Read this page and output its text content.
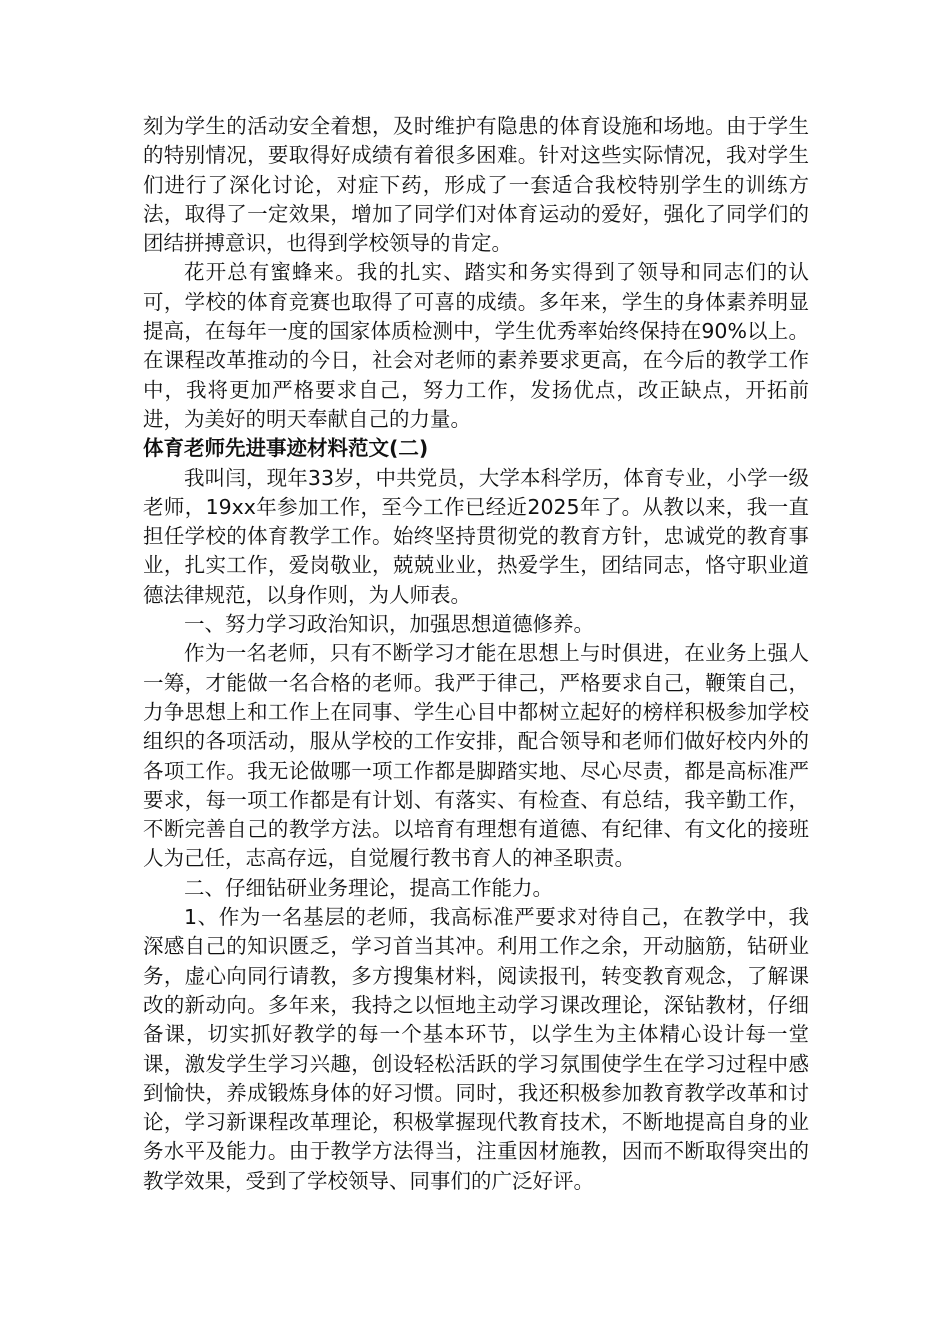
刻为学生的活动安全着想，及时维护有隐患的体育设施和场地。由于学生的特别情况，要取得好成绩有着很多困难。针对这些实际情况，我对学生们进行了深化讨论，对症下药，形成了一套适合我校特别学生的训练方法，取得了一定效果，增加了同学们对体育运动的爱好，强化了同学们的团结拼搏意识，也得到学校领导的肯定。

花开总有蜜蜂来。我的扎实、踏实和务实得到了领导和同志们的认可，学校的体育竞赛也取得了可喜的成绩。多年来，学生的身体素养明显提高，在每年一度的国家体质检测中，学生优秀率始终保持在90%以上。在课程改革推动的今日，社会对老师的素养要求更高，在今后的教学工作中，我将更加严格要求自己，努力工作，发扬优点，改正缺点，开拓前进，为美好的明天奉献自己的力量。

体育老师先进事迹材料范文(二)

我叫闫，现年33岁，中共党员，大学本科学历，体育专业，小学一级老师，19xx年参加工作，至今工作已经近2025年了。从教以来，我一直担任学校的体育教学工作。始终坚持贯彻党的教育方针，忠诚党的教育事业，扎实工作，爱岗敬业，兢兢业业，热爱学生，团结同志，恪守职业道德法律规范，以身作则，为人师表。

一、努力学习政治知识，加强思想道德修养。

作为一名老师，只有不断学习才能在思想上与时俱进，在业务上强人一筹，才能做一名合格的老师。我严于律己，严格要求自己，鞭策自己，力争思想上和工作上在同事、学生心目中都树立起好的榜样积极参加学校组织的各项活动，服从学校的工作安排，配合领导和老师们做好校内外的各项工作。我无论做哪一项工作都是脚踏实地、尽心尽责，都是高标准严要求，每一项工作都是有计划、有落实、有检查、有总结，我辛勤工作，不断完善自己的教学方法。以培育有理想有道德、有纪律、有文化的接班人为己任，志高存远，自觉履行教书育人的神圣职责。

二、仔细钻研业务理论，提高工作能力。

1、作为一名基层的老师，我高标准严要求对待自己，在教学中，我深感自己的知识匮乏，学习首当其冲。利用工作之余，开动脑筋，钻研业务，虚心向同行请教，多方搜集材料，阅读报刊，转变教育观念，了解课改的新动向。多年来，我持之以恒地主动学习课改理论，深钻教材，仔细备课，切实抓好教学的每一个基本环节，以学生为主体精心设计每一堂课，激发学生学习兴趣，创设轻松活跃的学习氛围使学生在学习过程中感到愉快，养成锻炼身体的好习惯。同时，我还积极参加教育教学改革和讨论，学习新课程改革理论，积极掌握现代教育技术，不断地提高自身的业务水平及能力。由于教学方法得当，注重因材施教，因而不断取得突出的教学效果，受到了学校领导、同事们的广泛好评。
